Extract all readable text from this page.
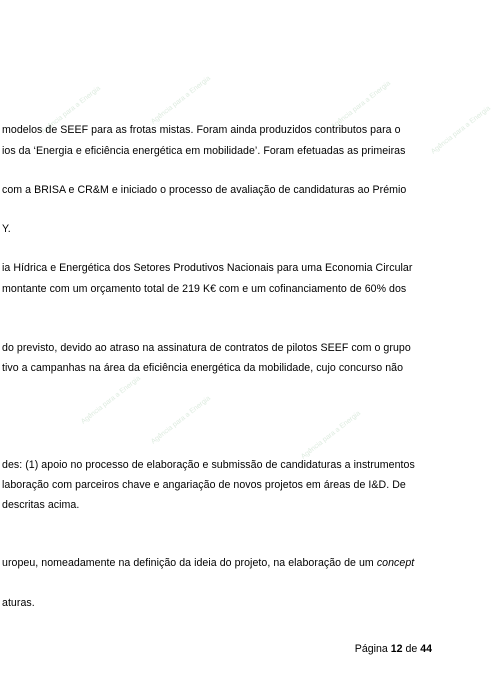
Agência para a Energia	Agência para a Energia	Agência para a Energia	Agência para a Energia
Agência para a Energia	Agência para a Energia
Agência para a Energia
modelos de SEEF para as frotas mistas. Foram ainda produzidos contributos para o
ios da ‘Energia e eficiência energética em mobilidade’. Foram efetuadas as primeiras
com a BRISA e CR&M e iniciado o processo de avaliação de candidaturas ao Prémio
Y.
ia Hídrica e Energética dos Setores Produtivos Nacionais para uma Economia Circular
montante com um orçamento total de 219 K€ com e um cofinanciamento de 60% dos
do previsto, devido ao atraso na assinatura de contratos de pilotos SEEF com o grupo
tivo a campanhas na área da eficiência energética da mobilidade, cujo concurso não
des: (1) apoio no processo de elaboração e submissão de candidaturas a instrumentos
laboração com parceiros chave e angariação de novos projetos em áreas de I&D. De
descritas acima.
uropeu, nomeadamente na definição da ideia do projeto, na elaboração de um concept
aturas.
Página 12 de 44
